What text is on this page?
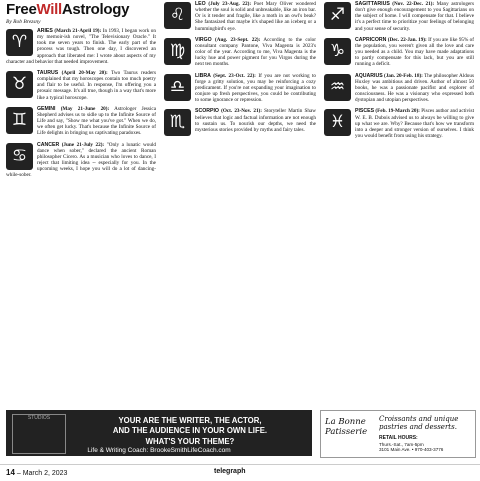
FreeWillAstrology
By Rob Brezsny
♈
ARIES (March 21-April 19): In 1993, I began work on my memoir-ish novel, "The Televisionary Oracle." It took me seven years to finish. The early part of the process was tough. Then one day, I discovered an approach that liberated me: I wrote about aspects of my character and behavior that needed improvement.
♉
TAURUS (April 20-May 20): Two Taurus readers complained that my horoscopes contain too much poetry and flair to be useful. In response, I'm offering you a prosaic message. It's all true, though in a way that's more like a typical horoscope.
♊
GEMINI (May 21-June 20): Astrologer Jessica Shepherd advises us to sidle up to the Infinite Source of Life and say, "Show me what you've got." When we do, we often get lucky. That's because the Infinite Source of Life delights in bringing us captivating paradoxes.
♋
CANCER (June 21-July 22): "Only a lunatic would dance when sober," declared the ancient Roman philosopher Cicero. As a musician who loves to dance, I reject that limiting idea -- especially for you. In the upcoming weeks, I hope you will do a lot of dancing-while-sober.
♌
LEO (July 23-Aug. 22): Poet Mary Oliver wondered whether the soul is solid and unbreakable, like an iron bar. Or is it tender and fragile, like a moth in an owl's beak? She fantasized that maybe it's shaped like an iceberg or a hummingbird's eye.
♍
VIRGO (Aug. 23-Sept. 22): According to the color consultant company Pantone, Viva Magenta is 2023's color of the year. According to me, Viva Magenta is the lucky hue and power pigment for you Virgos during the next ten months.
♎
LIBRA (Sept. 23-Oct. 22): If you are not working to forge a gritty solution, you may be reinforcing a cozy predicament. If you're not expanding your imagination to conjure up fresh perspectives, you could be contributing to some ignorance or repression.
♏
SCORPIO (Oct. 23-Nov. 21): Storyteller Martin Shaw believes that logic and factual information are not enough to sustain us. To nourish our depths, we need the mysterious stories provided by myths and fairy tales.
♐
SAGITTARIUS (Nov. 22-Dec. 21): Many astrologers don't give enough encouragement to you Sagittarians on the subject of home. I will compensate for that. I believe it's a perfect time to prioritize your feelings of belonging and your sense of security.
♑
CAPRICORN (Dec. 22-Jan. 19): If you are like 95% of the population, you weren't given all the love and care you needed as a child. You may have made adaptations to partly compensate for this lack, but you are still running a deficit.
♒
AQUARIUS (Jan. 20-Feb. 18): The philosopher Aldous Huxley was ambitious and driven. Author of almost 50 books, he was a passionate pacifist and explorer of consciousness. He was a visionary who expressed both dystopian and utopian perspectives.
♓
PISCES (Feb. 19-March 20): Pisces author and activist W. E. B. Dubois advised us to always be willing to give up what we are. Why? Because that's how we transform into a deeper and stronger version of ourselves. I think you would benefit from using his strategy.
STUDIOS	YOUR ARE THE WRITER, THE ACTOR,
AND THE AUDIENCE IN YOUR OWN LIFE.
WHAT'S YOUR THEME?
Life & Writing Coach: BrookeSmithLifeCoach.com
La Bonne
Patisserie
Croissants and unique pastries and desserts.
RETAIL HOURS:
Thurs.-Sat., 7am-5pm
3101 Main Ave. • 970-403-3776
14 – March 2, 2023	telegraph
